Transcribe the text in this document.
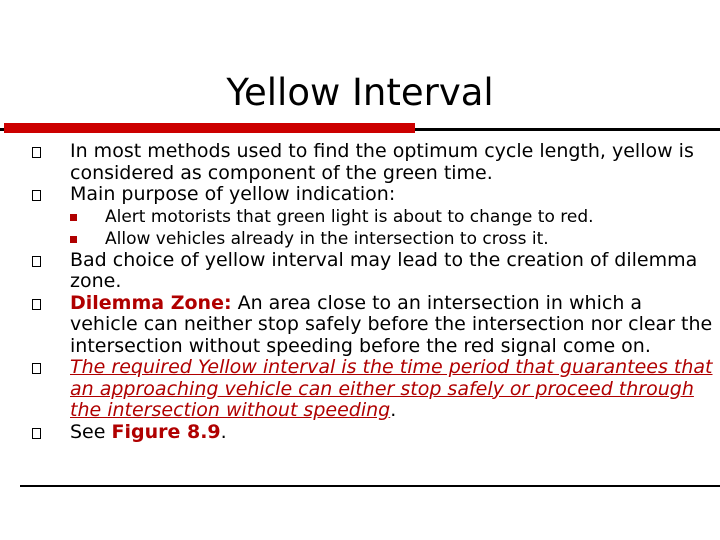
Yellow Interval
In most methods used to find the optimum cycle length, yellow is considered as component of the green time.
Main purpose of yellow indication:
Alert motorists that green light is about to change to red.
Allow vehicles already in the intersection to cross it.
Bad choice of yellow interval may lead to the creation of dilemma zone.
Dilemma Zone: An area close to an intersection in which a vehicle can neither stop safely before the intersection nor clear the intersection without speeding before the red signal come on.
The required Yellow interval is the time period that guarantees that an approaching vehicle can either stop safely or proceed through the intersection without speeding.
See Figure 8.9.
